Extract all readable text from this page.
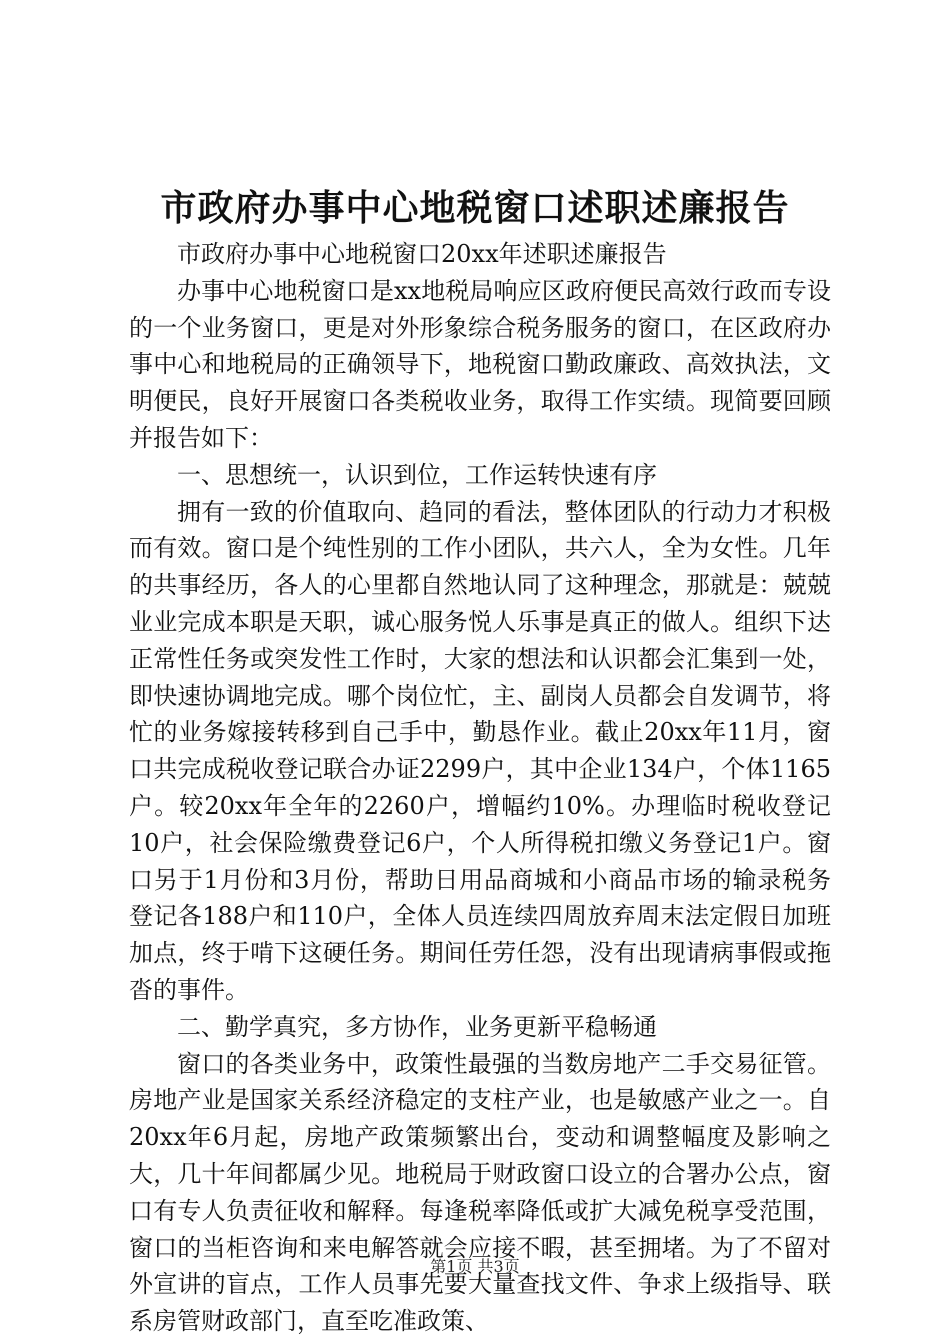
市政府办事中心地税窗口述职述廉报告

市政府办事中心地税窗口20xx年述职述廉报告

办事中心地税窗口是xx地税局响应区政府便民高效行政而专设的一个业务窗口，更是对外形象综合税务服务的窗口，在区政府办事中心和地税局的正确领导下，地税窗口勤政廉政、高效执法，文明便民，良好开展窗口各类税收业务，取得工作实绩。现简要回顾并报告如下：

一、思想统一，认识到位，工作运转快速有序

拥有一致的价值取向、趋同的看法，整体团队的行动力才积极而有效。窗口是个纯性别的工作小团队，共六人，全为女性。几年的共事经历，各人的心里都自然地认同了这种理念，那就是：兢兢业业完成本职是天职，诚心服务悦人乐事是真正的做人。组织下达正常性任务或突发性工作时，大家的想法和认识都会汇集到一处，即快速协调地完成。哪个岗位忙，主、副岗人员都会自发调节，将忙的业务嫁接转移到自己手中，勤恳作业。截止20xx年11月，窗口共完成税收登记联合办证2299户，其中企业134户，个体1165户。较20xx年全年的2260户，增幅约10%。办理临时税收登记10户，社会保险缴费登记6户，个人所得税扣缴义务登记1户。窗口另于1月份和3月份，帮助日用品商城和小商品市场的输录税务登记各188户和110户，全体人员连续四周放弃周末法定假日加班加点，终于啃下这硬任务。期间任劳任怨，没有出现请病事假或拖沓的事件。

二、勤学真究，多方协作，业务更新平稳畅通

窗口的各类业务中，政策性最强的当数房地产二手交易征管。房地产业是国家关系经济稳定的支柱产业，也是敏感产业之一。自20xx年6月起，房地产政策频繁出台，变动和调整幅度及影响之大，几十年间都属少见。地税局于财政窗口设立的合署办公点，窗口有专人负责征收和解释。每逢税率降低或扩大减免税享受范围，窗口的当柜咨询和来电解答就会应接不暇，甚至拥堵。为了不留对外宣讲的盲点，工作人员事先要大量查找文件、争求上级指导、联系房管财政部门，直至吃准政策、

第1页 共3页
